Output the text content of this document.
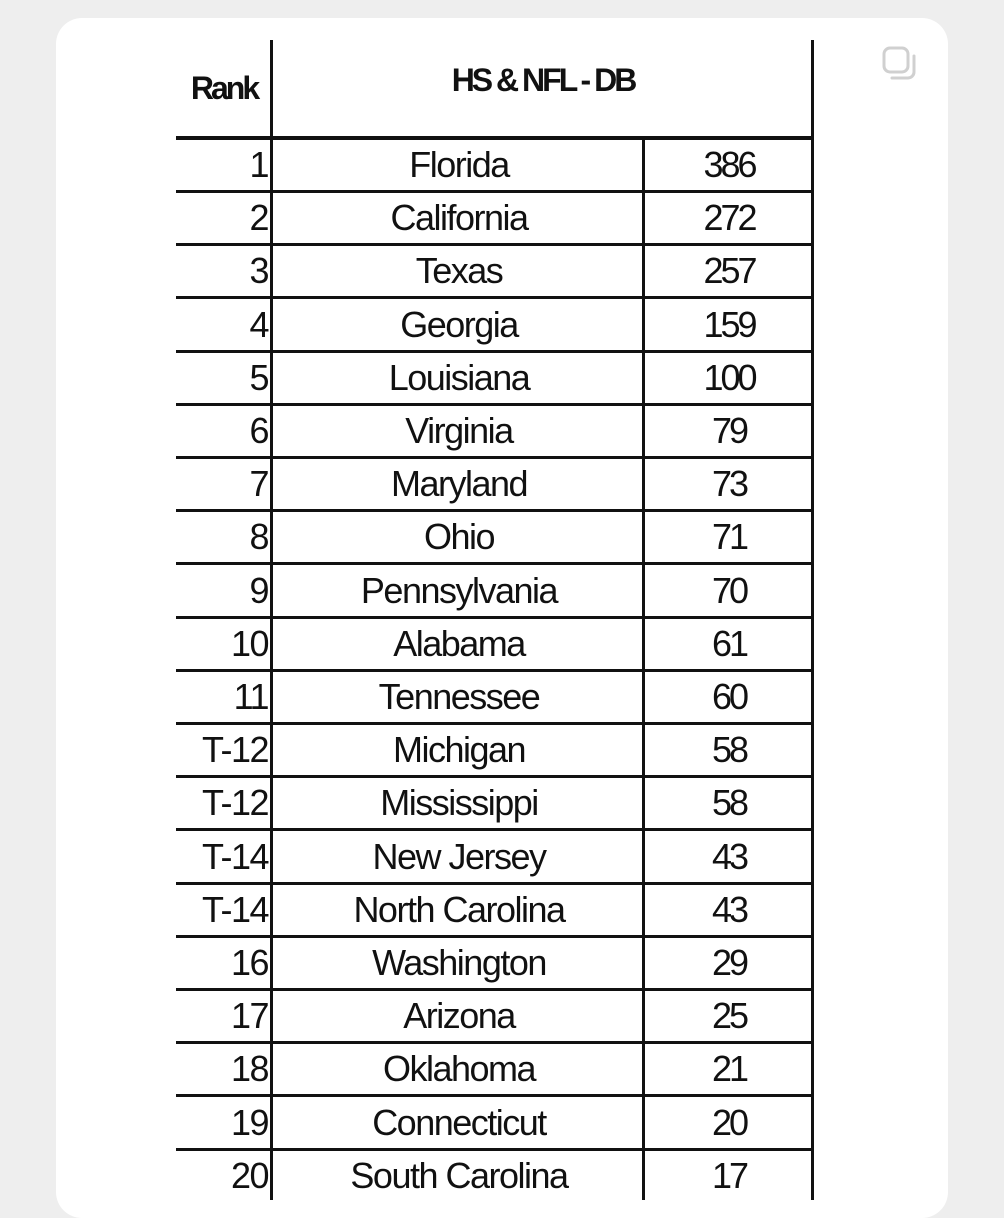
Rank	HS & NFL - DB
1	Florida	386
2	California	272
3	Texas	257
4	Georgia	159
5	Louisiana	100
6	Virginia	79
7	Maryland	73
8	Ohio	71
9	Pennsylvania	70
10	Alabama	61
11	Tennessee	60
T-12	Michigan	58
T-12	Mississippi	58
T-14	New Jersey	43
T-14	North Carolina	43
16	Washington	29
17	Arizona	25
18	Oklahoma	21
19	Connecticut	20
20	South Carolina	17
